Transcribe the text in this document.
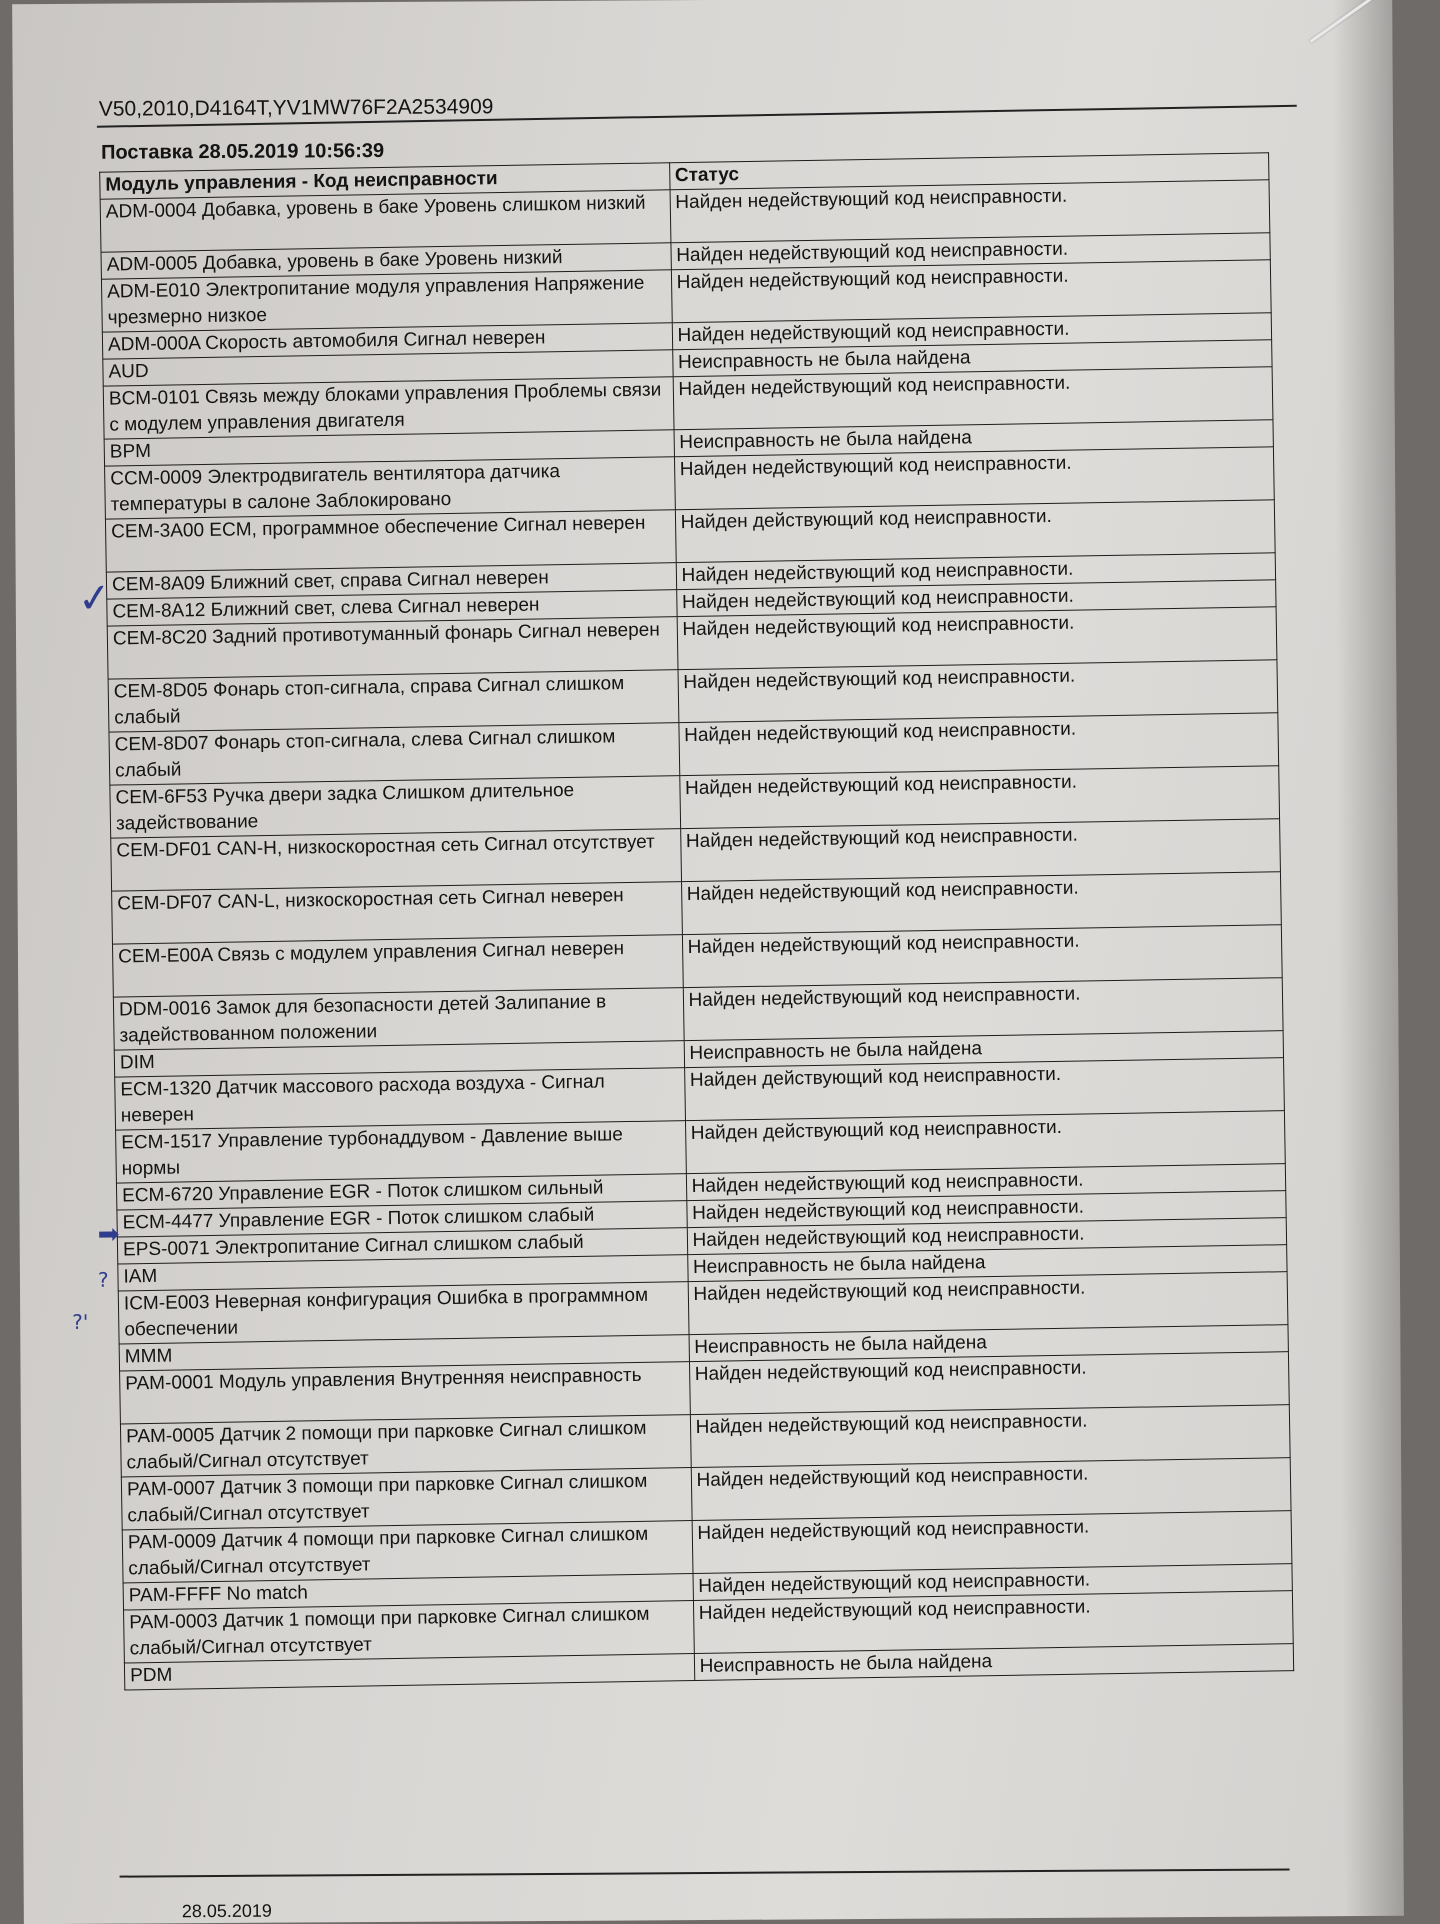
V50,2010,D4164T,YV1MW76F2A2534909
Поставка 28.05.2019 10:56:39
Модуль управления - Код неисправности	Статус
ADM-0004 Добавка, уровень в баке Уровень слишком низкий	Найден недействующий код неисправности.
ADM-0005 Добавка, уровень в баке Уровень низкий	Найден недействующий код неисправности.
ADM-E010 Электропитание модуля управления Напряжение чрезмерно низкое	Найден недействующий код неисправности.
ADM-000A Скорость автомобиля Сигнал неверен	Найден недействующий код неисправности.
AUD	Неисправность не была найдена
BCM-0101 Связь между блоками управления Проблемы связи с модулем управления двигателя	Найден недействующий код неисправности.
BPM	Неисправность не была найдена
CCM-0009 Электродвигатель вентилятора датчика температуры в салоне Заблокировано	Найден недействующий код неисправности.
CEM-3A00 ECM, программное обеспечение Сигнал неверен	Найден действующий код неисправности.
CEM-8A09 Ближний свет, справа Сигнал неверен	Найден недействующий код неисправности.
CEM-8A12 Ближний свет, слева Сигнал неверен	Найден недействующий код неисправности.
CEM-8C20 Задний противотуманный фонарь Сигнал неверен	Найден недействующий код неисправности.
CEM-8D05 Фонарь стоп-сигнала, справа Сигнал слишком слабый	Найден недействующий код неисправности.
CEM-8D07 Фонарь стоп-сигнала, слева Сигнал слишком слабый	Найден недействующий код неисправности.
CEM-6F53 Ручка двери задка Слишком длительное задействование	Найден недействующий код неисправности.
CEM-DF01 CAN-H, низкоскоростная сеть Сигнал отсутствует	Найден недействующий код неисправности.
CEM-DF07 CAN-L, низкоскоростная сеть Сигнал неверен	Найден недействующий код неисправности.
CEM-E00A Связь с модулем управления Сигнал неверен	Найден недействующий код неисправности.
DDM-0016 Замок для безопасности детей Залипание в задействованном положении	Найден недействующий код неисправности.
DIM	Неисправность не была найдена
ECM-1320 Датчик массового расхода воздуха - Сигнал неверен	Найден действующий код неисправности.
ECM-1517 Управление турбонаддувом - Давление выше нормы	Найден действующий код неисправности.
ECM-6720 Управление EGR - Поток слишком сильный	Найден недействующий код неисправности.
ECM-4477 Управление EGR - Поток слишком слабый	Найден недействующий код неисправности.
EPS-0071 Электропитание Сигнал слишком слабый	Найден недействующий код неисправности.
IAM	Неисправность не была найдена
ICM-E003 Неверная конфигурация Ошибка в программном обеспечении	Найден недействующий код неисправности.
MMM	Неисправность не была найдена
PAM-0001 Модуль управления Внутренняя неисправность	Найден недействующий код неисправности.
PAM-0005 Датчик 2 помощи при парковке Сигнал слишком слабый/Сигнал отсутствует	Найден недействующий код неисправности.
PAM-0007 Датчик 3 помощи при парковке Сигнал слишком слабый/Сигнал отсутствует	Найден недействующий код неисправности.
PAM-0009 Датчик 4 помощи при парковке Сигнал слишком слабый/Сигнал отсутствует	Найден недействующий код неисправности.
PAM-FFFF No match	Найден недействующий код неисправности.
PAM-0003 Датчик 1 помощи при парковке Сигнал слишком слабый/Сигнал отсутствует	Найден недействующий код неисправности.
PDM	Неисправность не была найдена
✓
➡
?
?'
28.05.2019
